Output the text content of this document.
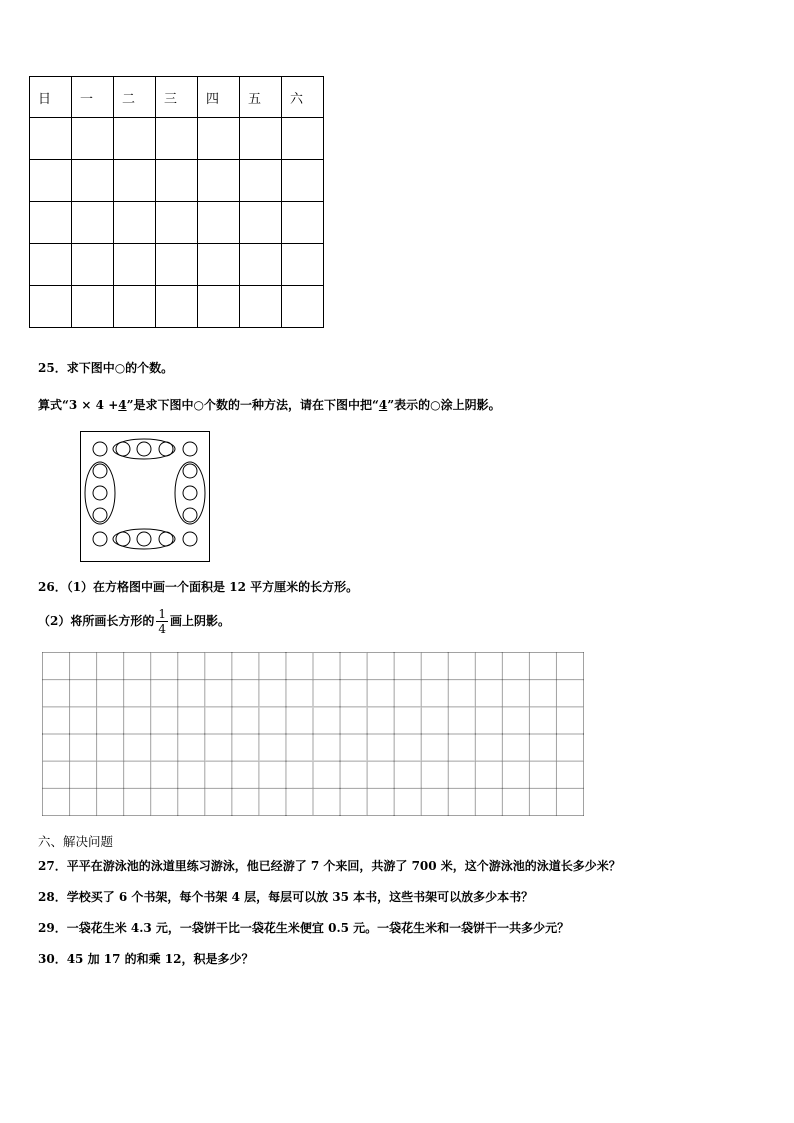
日	一	二	三	四	五	六

25．求下图中○的个数。
算式“3 × 4 +4”是求下图中○个数的一种方法，请在下图中把“4”表示的○涂上阴影。
26．（1）在方格图中画一个面积是 12 平方厘米的长方形。
（2）将所画长方形的 $\frac{1}{4}$ 画上阴影。
六、解决问题
27．平平在游泳池的泳道里练习游泳，他已经游了 7 个来回，共游了 700 米，这个游泳池的泳道长多少米？
28．学校买了 6 个书架，每个书架 4 层，每层可以放 35 本书，这些书架可以放多少本书？
29．一袋花生米 4.3 元，一袋饼干比一袋花生米便宜 0.5 元。一袋花生米和一袋饼干一共多少元？
30．45 加 17 的和乘 12，积是多少？
